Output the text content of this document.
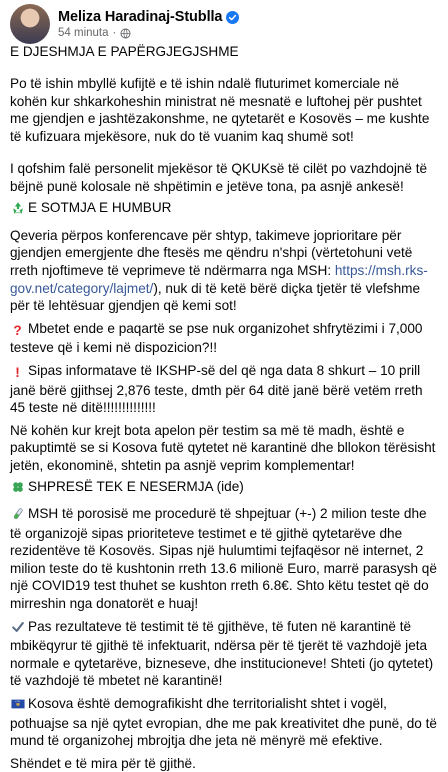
Meliza Haradinaj-Stublla
54 minuta ·

E DJESHMJA E PAPËRGJEGJSHME

Po të ishin mbyllë kufijtë e të ishin ndalë fluturimet komerciale në kohën kur shkarkoheshin ministrat në mesnatë e luftohej për pushtet me gjendjen e jashtëzakonshme, ne qytetarët e Kosovës – me kushte të kufizuara mjekësore, nuk do të vuanim kaq shumë sot!

I qofshim falë personelit mjekësor të QKUKsë të cilët po vazhdojnë të bëjnë punë kolosale në shpëtimin e jetëve tona, pa asnjë ankesë!

E SOTMJA E HUMBUR

Qeveria përpos konferencave për shtyp, takimeve joprioritare për gjendjen emergjente dhe ftesës me qëndru n'shpi (vërtetohuni vetë rreth njoftimeve të veprimeve të ndërmarra nga MSH: https://msh.rks-gov.net/category/lajmet/), nuk di të ketë bërë diçka tjetër të vlefshme për të lehtësuar gjendjen që kemi sot!

? Mbetet ende e paqartë se pse nuk organizohet shfrytëzimi i 7,000 testeve që i kemi në dispozicion?!!

! Sipas informatave të IKSHP-së del që nga data 8 shkurt – 10 prill janë bërë gjithsej 2,876 teste, dmth për 64 ditë janë bërë vetëm rreth 45 teste në ditë!!!!!!!!!!!!!!

Në kohën kur krejt bota apelon për testim sa më të madh, është e pakuptimtë se si Kosova futë qytetet në karantinë dhe bllokon tërësisht jetën, ekonominë, shtetin pa asnjë veprim komplementar!

SHPRESË TEK E NESERMJA (ide)

MSH të porosisë me procedurë të shpejtuar (+-) 2 milion teste dhe të organizojë sipas prioriteteve testimet e të gjithë qytetarëve dhe rezidentëve të Kosovës. Sipas një hulumtimi tejfaqësor në internet, 2 milion teste do të kushtonin rreth 13.6 milionë Euro, marrë parasysh që një COVID19 test thuhet se kushton rreth 6.8€. Shto këtu testet që do mirreshin nga donatorët e huaj!

Pas rezultateve të testimit të të gjithëve, të futen në karantinë të mbikëqyrur të gjithë të infektuarit, ndërsa për të tjerët të vazhdojë jeta normale e qytetarëve, bizneseve, dhe institucioneve! Shteti (jo qytetet) të vazhdojë të mbetet në karantinë!

Kosova është demografikisht dhe territorialisht shtet i vogël, pothuajse sa një qytet evropian, dhe me pak kreativitet dhe punë, do të mund të organizohej mbrojtja dhe jeta në mënyrë më efektive.

Shëndet e të mira për të gjithë.
